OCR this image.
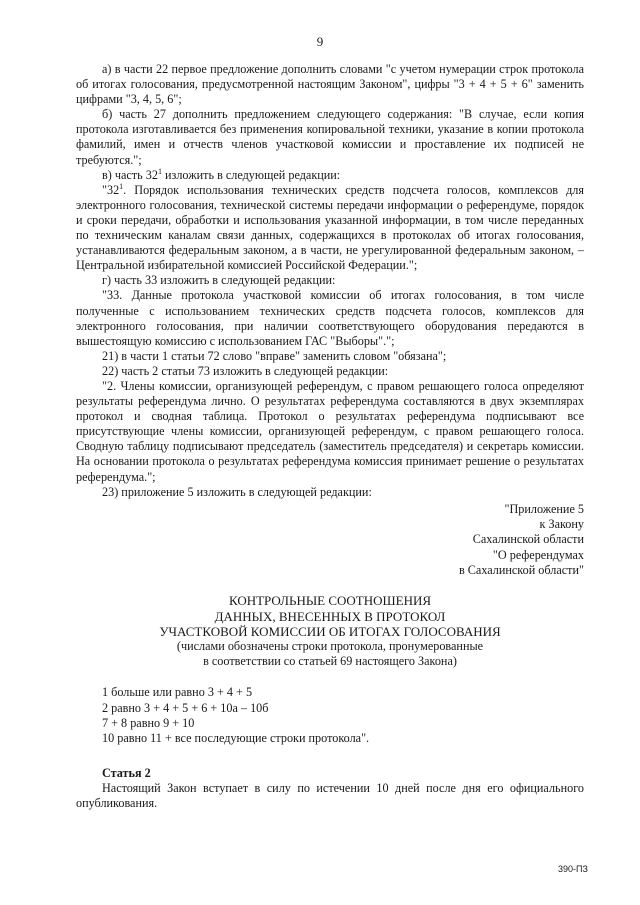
9

а) в части 22 первое предложение дополнить словами "с учетом нумерации строк протокола об итогах голосования, предусмотренной настоящим Законом", цифры "3 + 4 + 5 + 6" заменить цифрами "3, 4, 5, 6";

б) часть 27 дополнить предложением следующего содержания: "В случае, если копия протокола изготавливается без применения копировальной техники, указание в копии протокола фамилий, имен и отчеств членов участковой комиссии и проставление их подписей не требуются.";

в) часть $32^1$ изложить в следующей редакции:

"$32^1$. Порядок использования технических средств подсчета голосов, комплексов для электронного голосования, технической системы передачи информации о референдуме, порядок и сроки передачи, обработки и использования указанной информации, в том числе переданных по техническим каналам связи данных, содержащихся в протоколах об итогах голосования, устанавливаются федеральным законом, а в части, не урегулированной федеральным законом, – Центральной избирательной комиссией Российской Федерации.";

г) часть 33 изложить в следующей редакции:

"33. Данные протокола участковой комиссии об итогах голосования, в том числе полученные с использованием технических средств подсчета голосов, комплексов для электронного голосования, при наличии соответствующего оборудования передаются в вышестоящую комиссию с использованием ГАС "Выборы".";

21) в части 1 статьи 72 слово "вправе" заменить словом "обязана";

22) часть 2 статьи 73 изложить в следующей редакции:

"2. Члены комиссии, организующей референдум, с правом решающего голоса определяют результаты референдума лично. О результатах референдума составляются в двух экземплярах протокол и сводная таблица. Протокол о результатах референдума подписывают все присутствующие члены комиссии, организующей референдум, с правом решающего голоса. Сводную таблицу подписывают председатель (заместитель председателя) и секретарь комиссии. На основании протокола о результатах референдума комиссия принимает решение о результатах референдума.";

23) приложение 5 изложить в следующей редакции:

"Приложение 5
к Закону
Сахалинской области
"О референдумах
в Сахалинской области"
КОНТРОЛЬНЫЕ СООТНОШЕНИЯ
ДАННЫХ, ВНЕСЕННЫХ В ПРОТОКОЛ
УЧАСТКОВОЙ КОМИССИИ ОБ ИТОГАХ ГОЛОСОВАНИЯ
(числами обозначены строки протокола, пронумерованные
в соответствии со статьей 69 настоящего Закона)
1 больше или равно 3 + 4 + 5
2 равно 3 + 4 + 5 + 6 + 10а – 10б
7 + 8 равно 9 + 10
10 равно 11 + все последующие строки протокола".
Статья 2

Настоящий Закон вступает в силу по истечении 10 дней после дня его официального опубликования.

390-ПЗ
